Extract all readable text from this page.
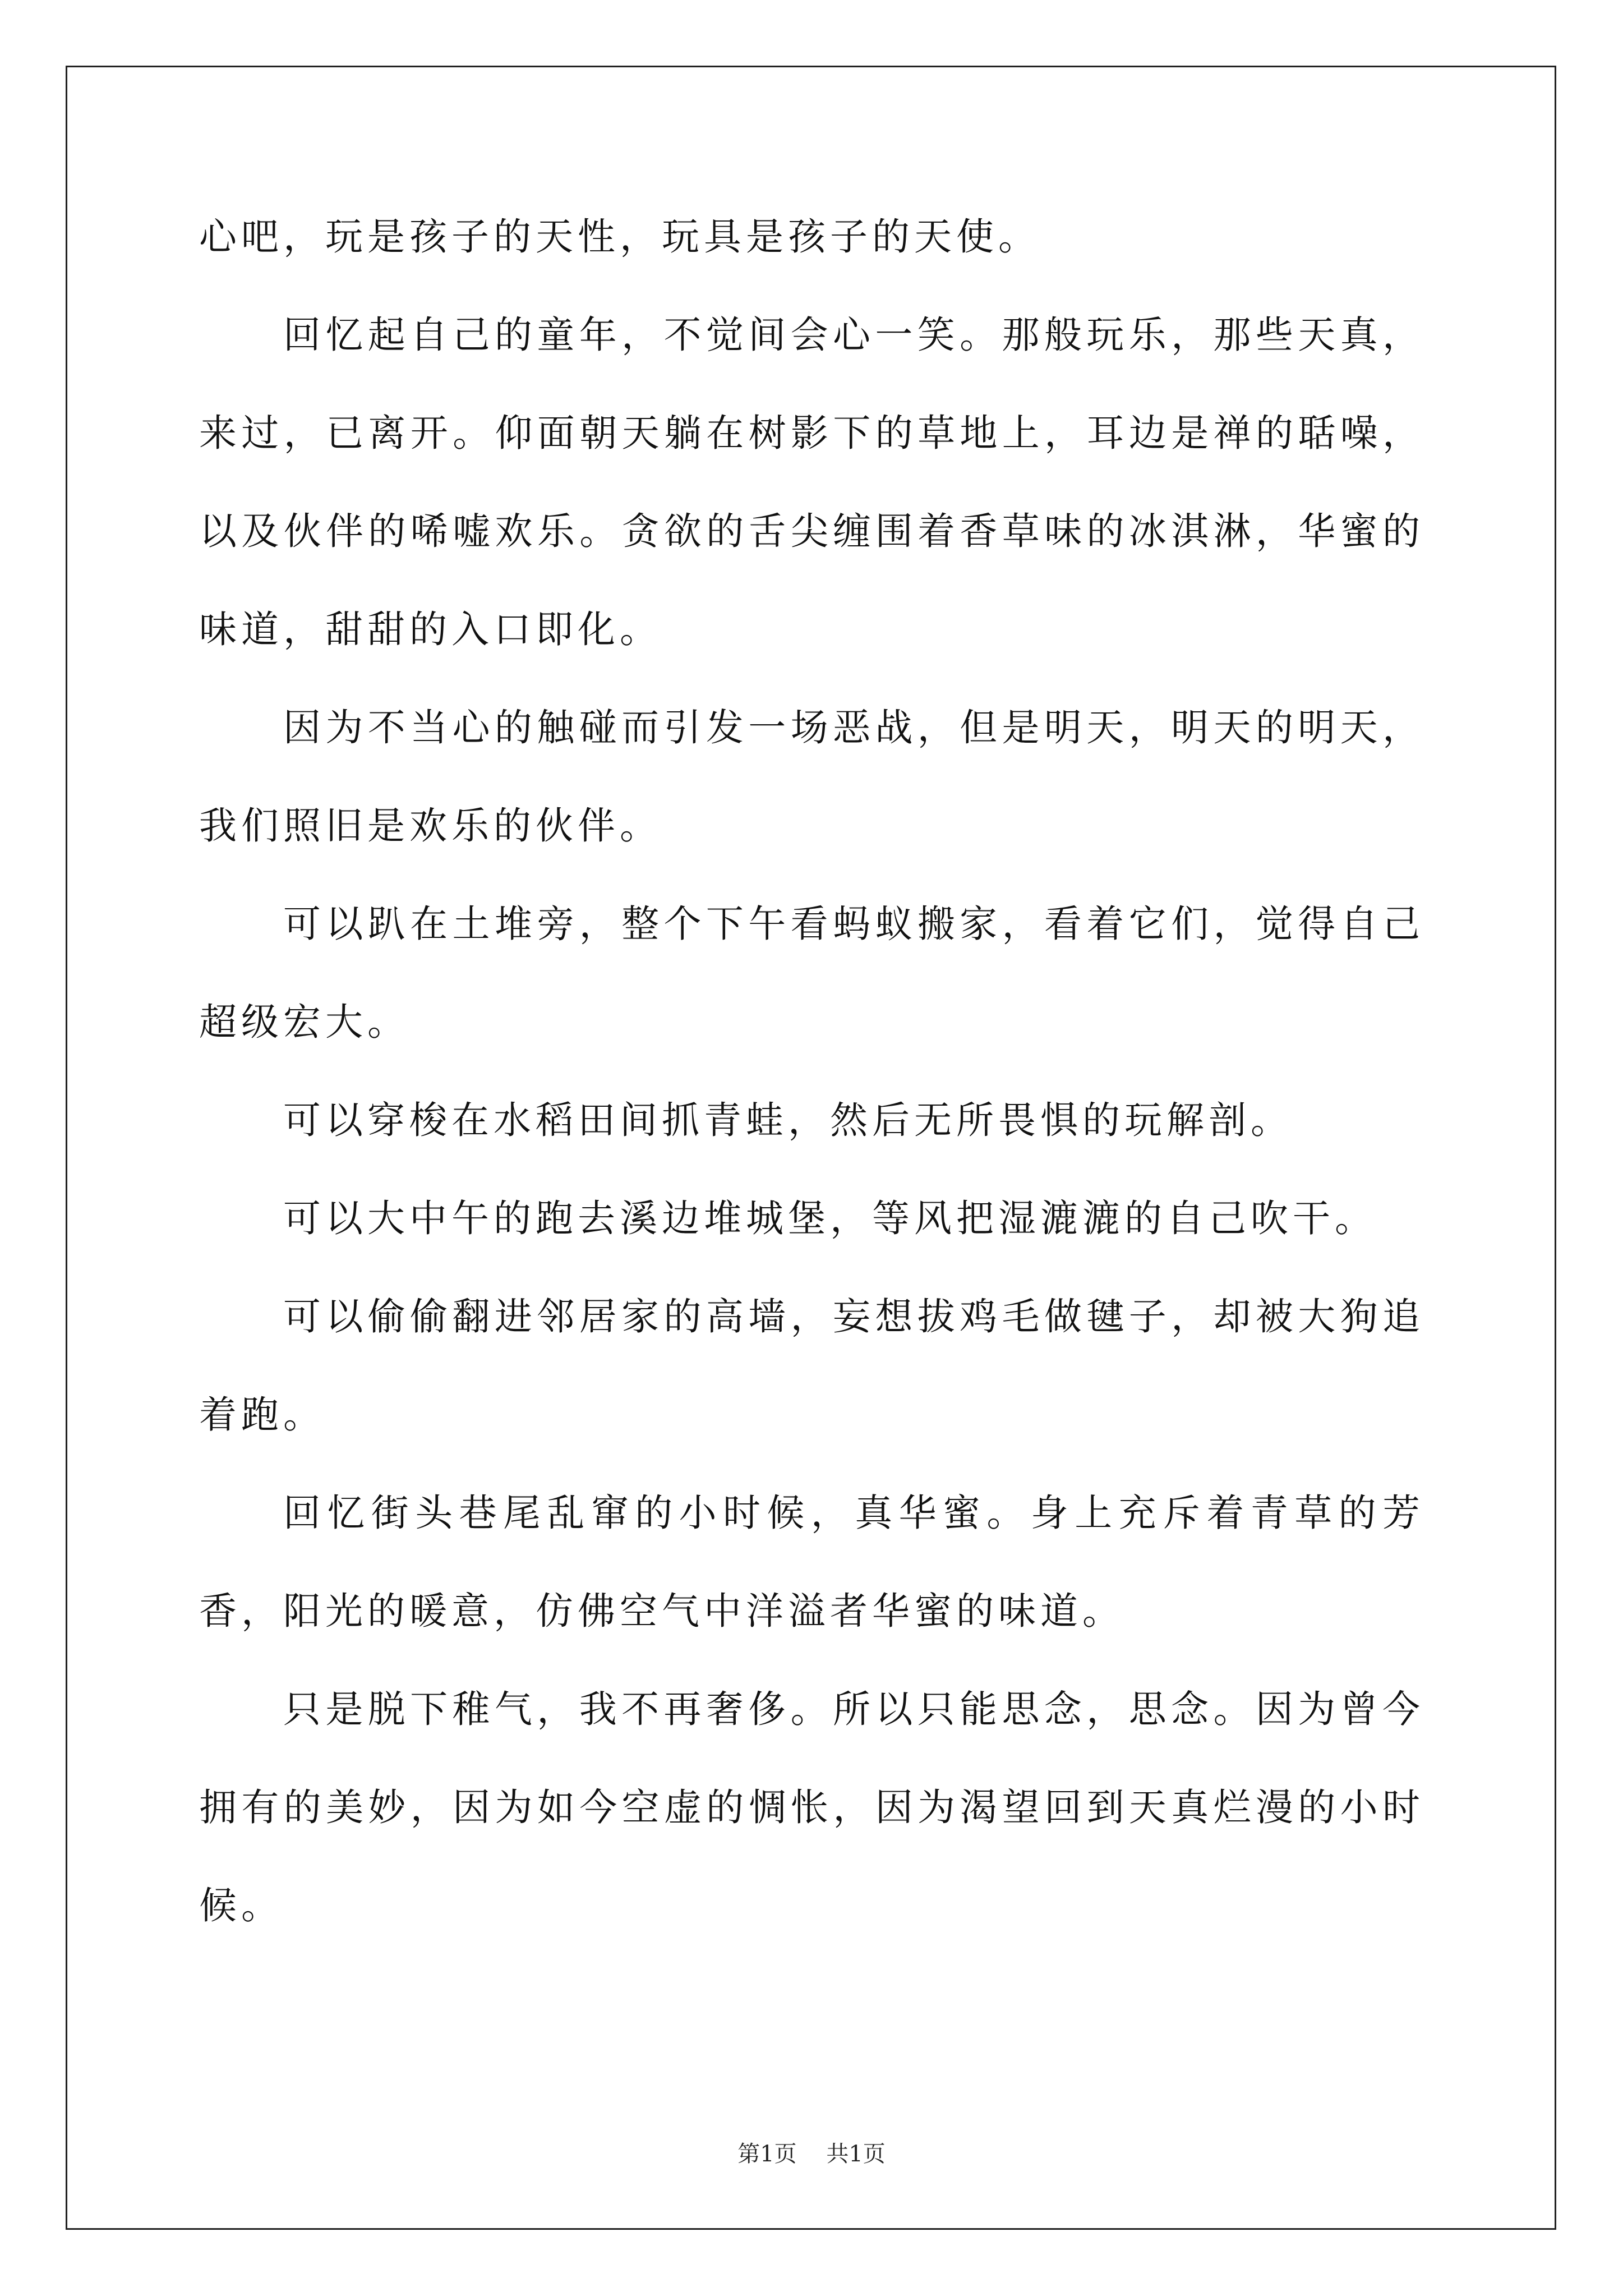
心吧，玩是孩子的天性，玩具是孩子的天使。

回忆起自己的童年，不觉间会心一笑。那般玩乐，那些天真，来过，已离开。仰面朝天躺在树影下的草地上，耳边是禅的聒噪，以及伙伴的唏嘘欢乐。贪欲的舌尖缠围着香草味的冰淇淋，华蜜的味道，甜甜的入口即化。

因为不当心的触碰而引发一场恶战，但是明天，明天的明天，我们照旧是欢乐的伙伴。

可以趴在土堆旁，整个下午看蚂蚁搬家，看着它们，觉得自己超级宏大。

可以穿梭在水稻田间抓青蛙，然后无所畏惧的玩解剖。

可以大中午的跑去溪边堆城堡，等风把湿漉漉的自己吹干。

可以偷偷翻进邻居家的高墙，妄想拔鸡毛做毽子，却被大狗追着跑。

回忆街头巷尾乱窜的小时候，真华蜜。身上充斥着青草的芳香，阳光的暖意，仿佛空气中洋溢者华蜜的味道。

只是脱下稚气，我不再奢侈。所以只能思念，思念。因为曾今拥有的美妙，因为如今空虚的惆怅，因为渴望回到天真烂漫的小时候。

第1页 共1页
